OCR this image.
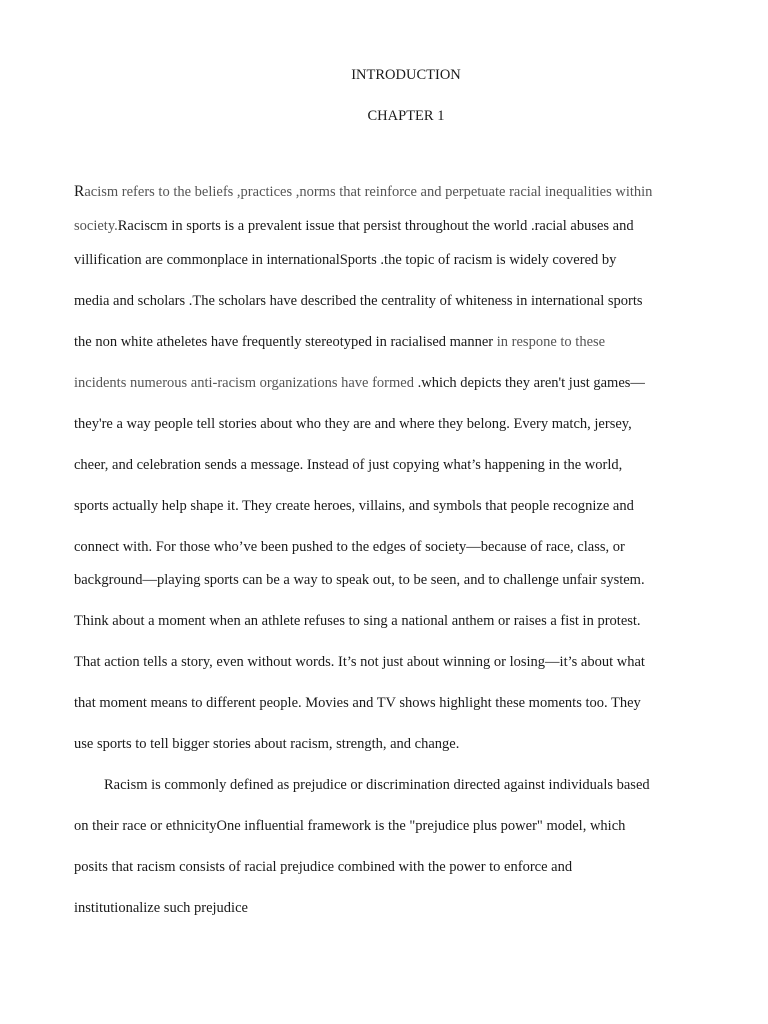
INTRODUCTION
CHAPTER 1

Racism refers to the beliefs ,practices ,norms that reinforce and perpetuate racial inequalities within

society.Raciscm in sports is a prevalent issue that persist throughout the world .racial abuses and

villification are commonplace in internationalSports .the topic of racism is widely covered by

media and scholars .The scholars have described the centrality of whiteness in international sports

the non white atheletes have frequently stereotyped in racialised manner in respone to these

incidents numerous anti-racism organizations have formed .which depicts they aren't just games—

they're a way people tell stories about who they are and where they belong. Every match, jersey,

cheer, and celebration sends a message. Instead of just copying what’s happening in the world,

sports actually help shape it. They create heroes, villains, and symbols that people recognize and

connect with. For those who’ve been pushed to the edges of society—because of race, class, or

background—playing sports can be a way to speak out, to be seen, and to challenge unfair system.

Think about a moment when an athlete refuses to sing a national anthem or raises a fist in protest.

That action tells a story, even without words. It’s not just about winning or losing—it’s about what

that moment means to different people. Movies and TV shows highlight these moments too. They

use sports to tell bigger stories about racism, strength, and change.

Racism is commonly defined as prejudice or discrimination directed against individuals based

on their race or ethnicityOne influential framework is the "prejudice plus power" model, which

posits that racism consists of racial prejudice combined with the power to enforce and

institutionalize such prejudice
